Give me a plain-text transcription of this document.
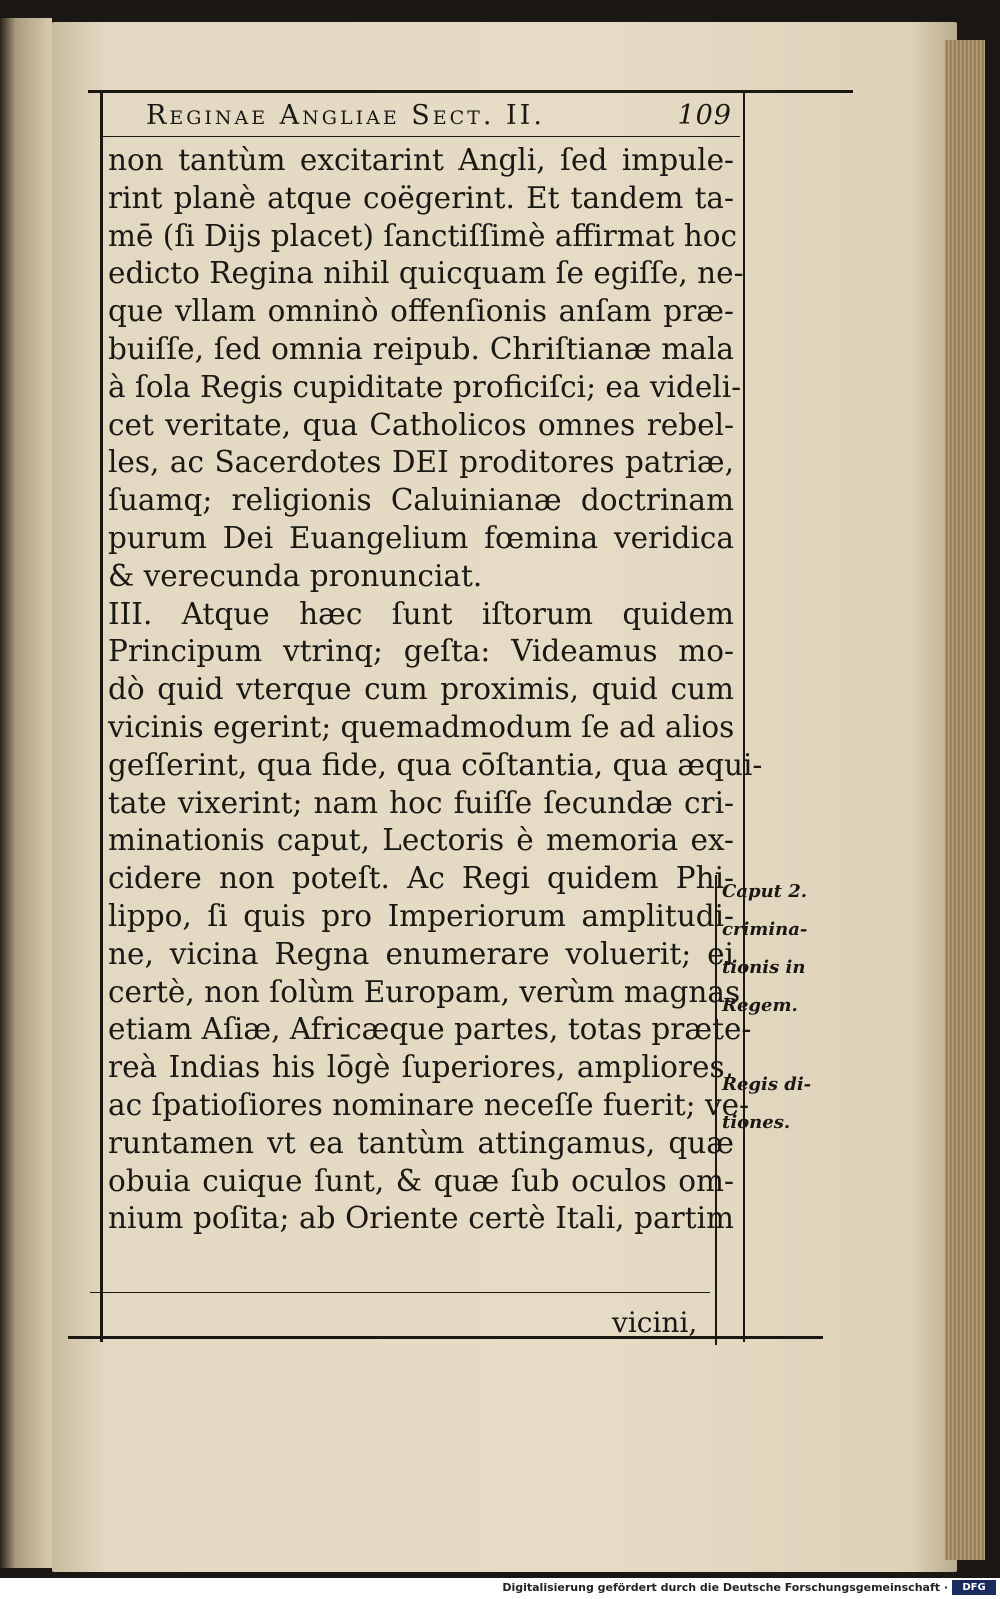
Reginae Angliae Sect. II.	109
non tantùm excitarint Angli, ſed impule-
rint planè atque coëgerint. Et tandem ta-
mē (ſi Dijs placet) ſanctiſſimè affirmat hoc
edicto Regina nihil quicquam ſe egiſſe, ne-
que vllam omninò offenſionis anſam præ-
buiſſe, ſed omnia reipub. Chriſtianæ mala
à ſola Regis cupiditate proficiſci; ea videli-
cet veritate, qua Catholicos omnes rebel-
les, ac Sacerdotes DEI proditores patriæ,
ſuamq; religionis Caluinianæ doctrinam
purum Dei Euangelium fœmina veridica
& verecunda pronunciat.
III. Atque hæc ſunt iſtorum quidem
Principum vtrinq; geſta: Videamus mo-
dò quid vterque cum proximis, quid cum
vicinis egerint; quemadmodum ſe ad alios
geſſerint, qua fide, qua cōſtantia, qua æqui-
tate vixerint; nam hoc fuiſſe ſecundæ cri-
minationis caput, Lectoris è memoria ex-
cidere non poteſt. Ac Regi quidem Phi-
lippo, ſi quis pro Imperiorum amplitudi-
ne, vicina Regna enumerare voluerit; ei
certè, non ſolùm Europam, verùm magnas
etiam Aſiæ, Africæque partes, totas præte-
reà Indias his lōgè ſuperiores, ampliores,
ac ſpatioſiores nominare neceſſe fuerit; ve-
runtamen vt ea tantùm attingamus, quæ
obuia cuique ſunt, & quæ ſub oculos om-
nium poſita; ab Oriente certè Itali, partim
vicini,
Caput 2.
crimina-
tionis in
Regem.
Regis di-
tiones.
Digitalisierung gefördert durch die Deutsche Forschungsgemeinschaft ·	DFG
